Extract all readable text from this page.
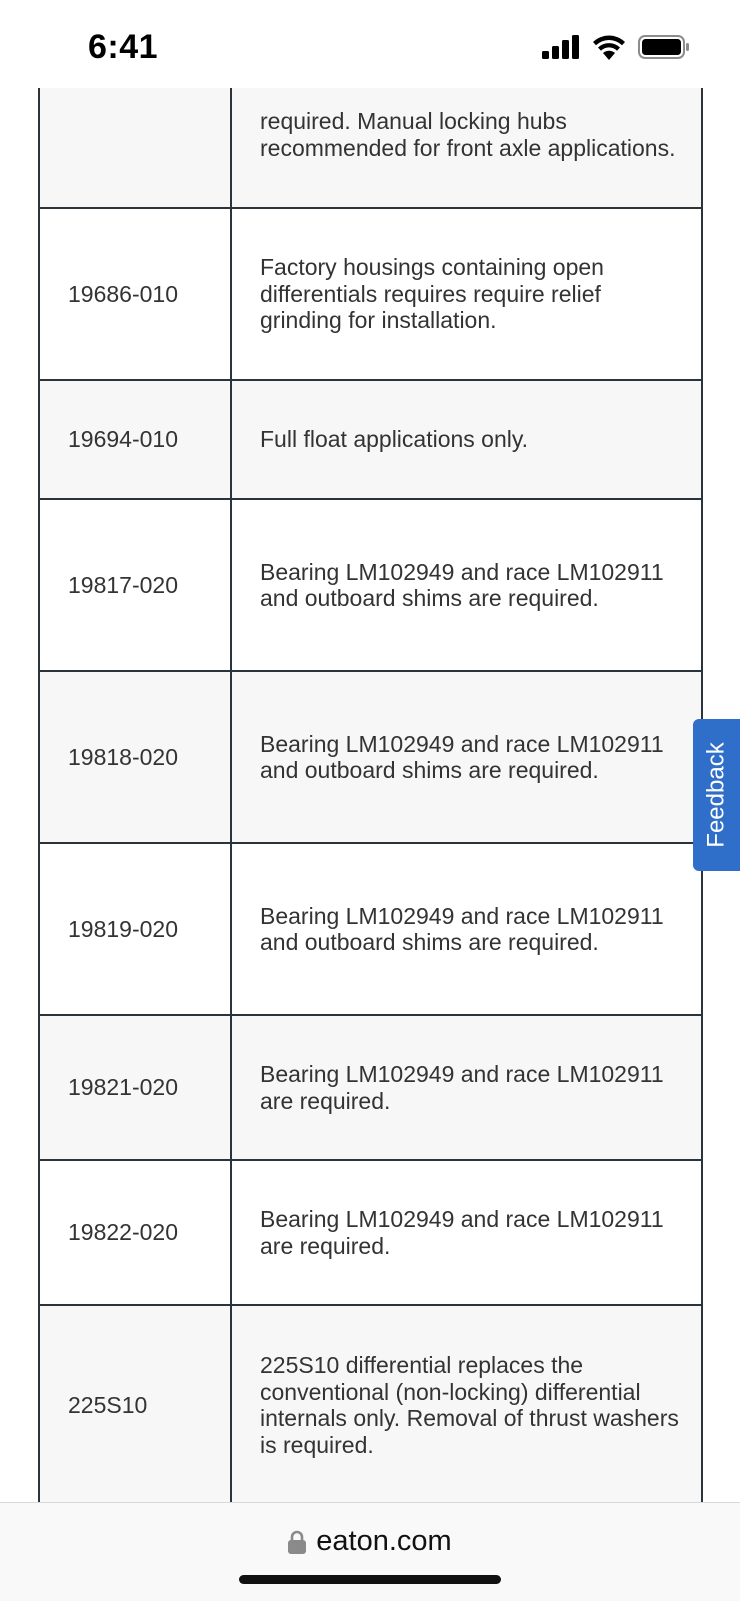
	required. Manual locking hubs recommended for front axle applications.
19686-010	Factory housings containing open differentials requires require relief grinding for installation.
19694-010	Full float applications only.
19817-020	Bearing LM102949 and race LM102911 and outboard shims are required.
19818-020	Bearing LM102949 and race LM102911 and outboard shims are required.
19819-020	Bearing LM102949 and race LM102911 and outboard shims are required.
19821-020	Bearing LM102949 and race LM102911 are required.
19822-020	Bearing LM102949 and race LM102911 are required.
225S10	225S10 differential replaces the conventional (non-locking) differential internals only. Removal of thrust washers is required.
6:41
Feedback
eaton.com
